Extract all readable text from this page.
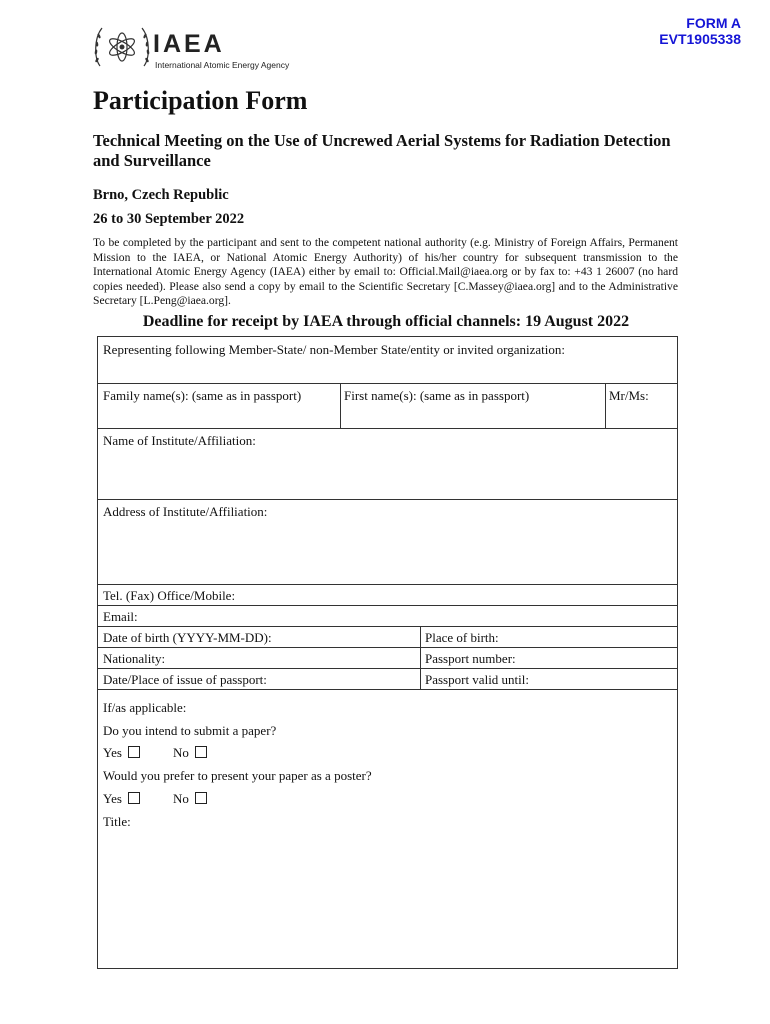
IAEA
International Atomic Energy Agency
FORM A
EVT1905338
Participation Form
Technical Meeting on the Use of Uncrewed Aerial Systems for Radiation Detection and Surveillance
Brno, Czech Republic
26 to 30 September 2022
To be completed by the participant and sent to the competent national authority (e.g. Ministry of Foreign Affairs, Permanent Mission to the IAEA, or National Atomic Energy Authority) of his/her country for subsequent transmission to the International Atomic Energy Agency (IAEA) either by email to: Official.Mail@iaea.org or by fax to: +43 1 26007 (no hard copies needed). Please also send a copy by email to the Scientific Secretary [C.Massey@iaea.org] and to the Administrative Secretary [L.Peng@iaea.org].
Deadline for receipt by IAEA through official channels: 19 August 2022
Representing following Member-State/ non-Member State/entity or invited organization:
Family name(s): (same as in passport)	First name(s): (same as in passport)	Mr/Ms:
Name of Institute/Affiliation:
Address of Institute/Affiliation:
Tel. (Fax) Office/Mobile:
Email:
Date of birth (YYYY-MM-DD):	Place of birth:
Nationality:	Passport number:
Date/Place of issue of passport:	Passport valid until:
If/as applicable:
Do you intend to submit a paper?
Yes	No
Would you prefer to present your paper as a poster?
Yes	No
Title:
